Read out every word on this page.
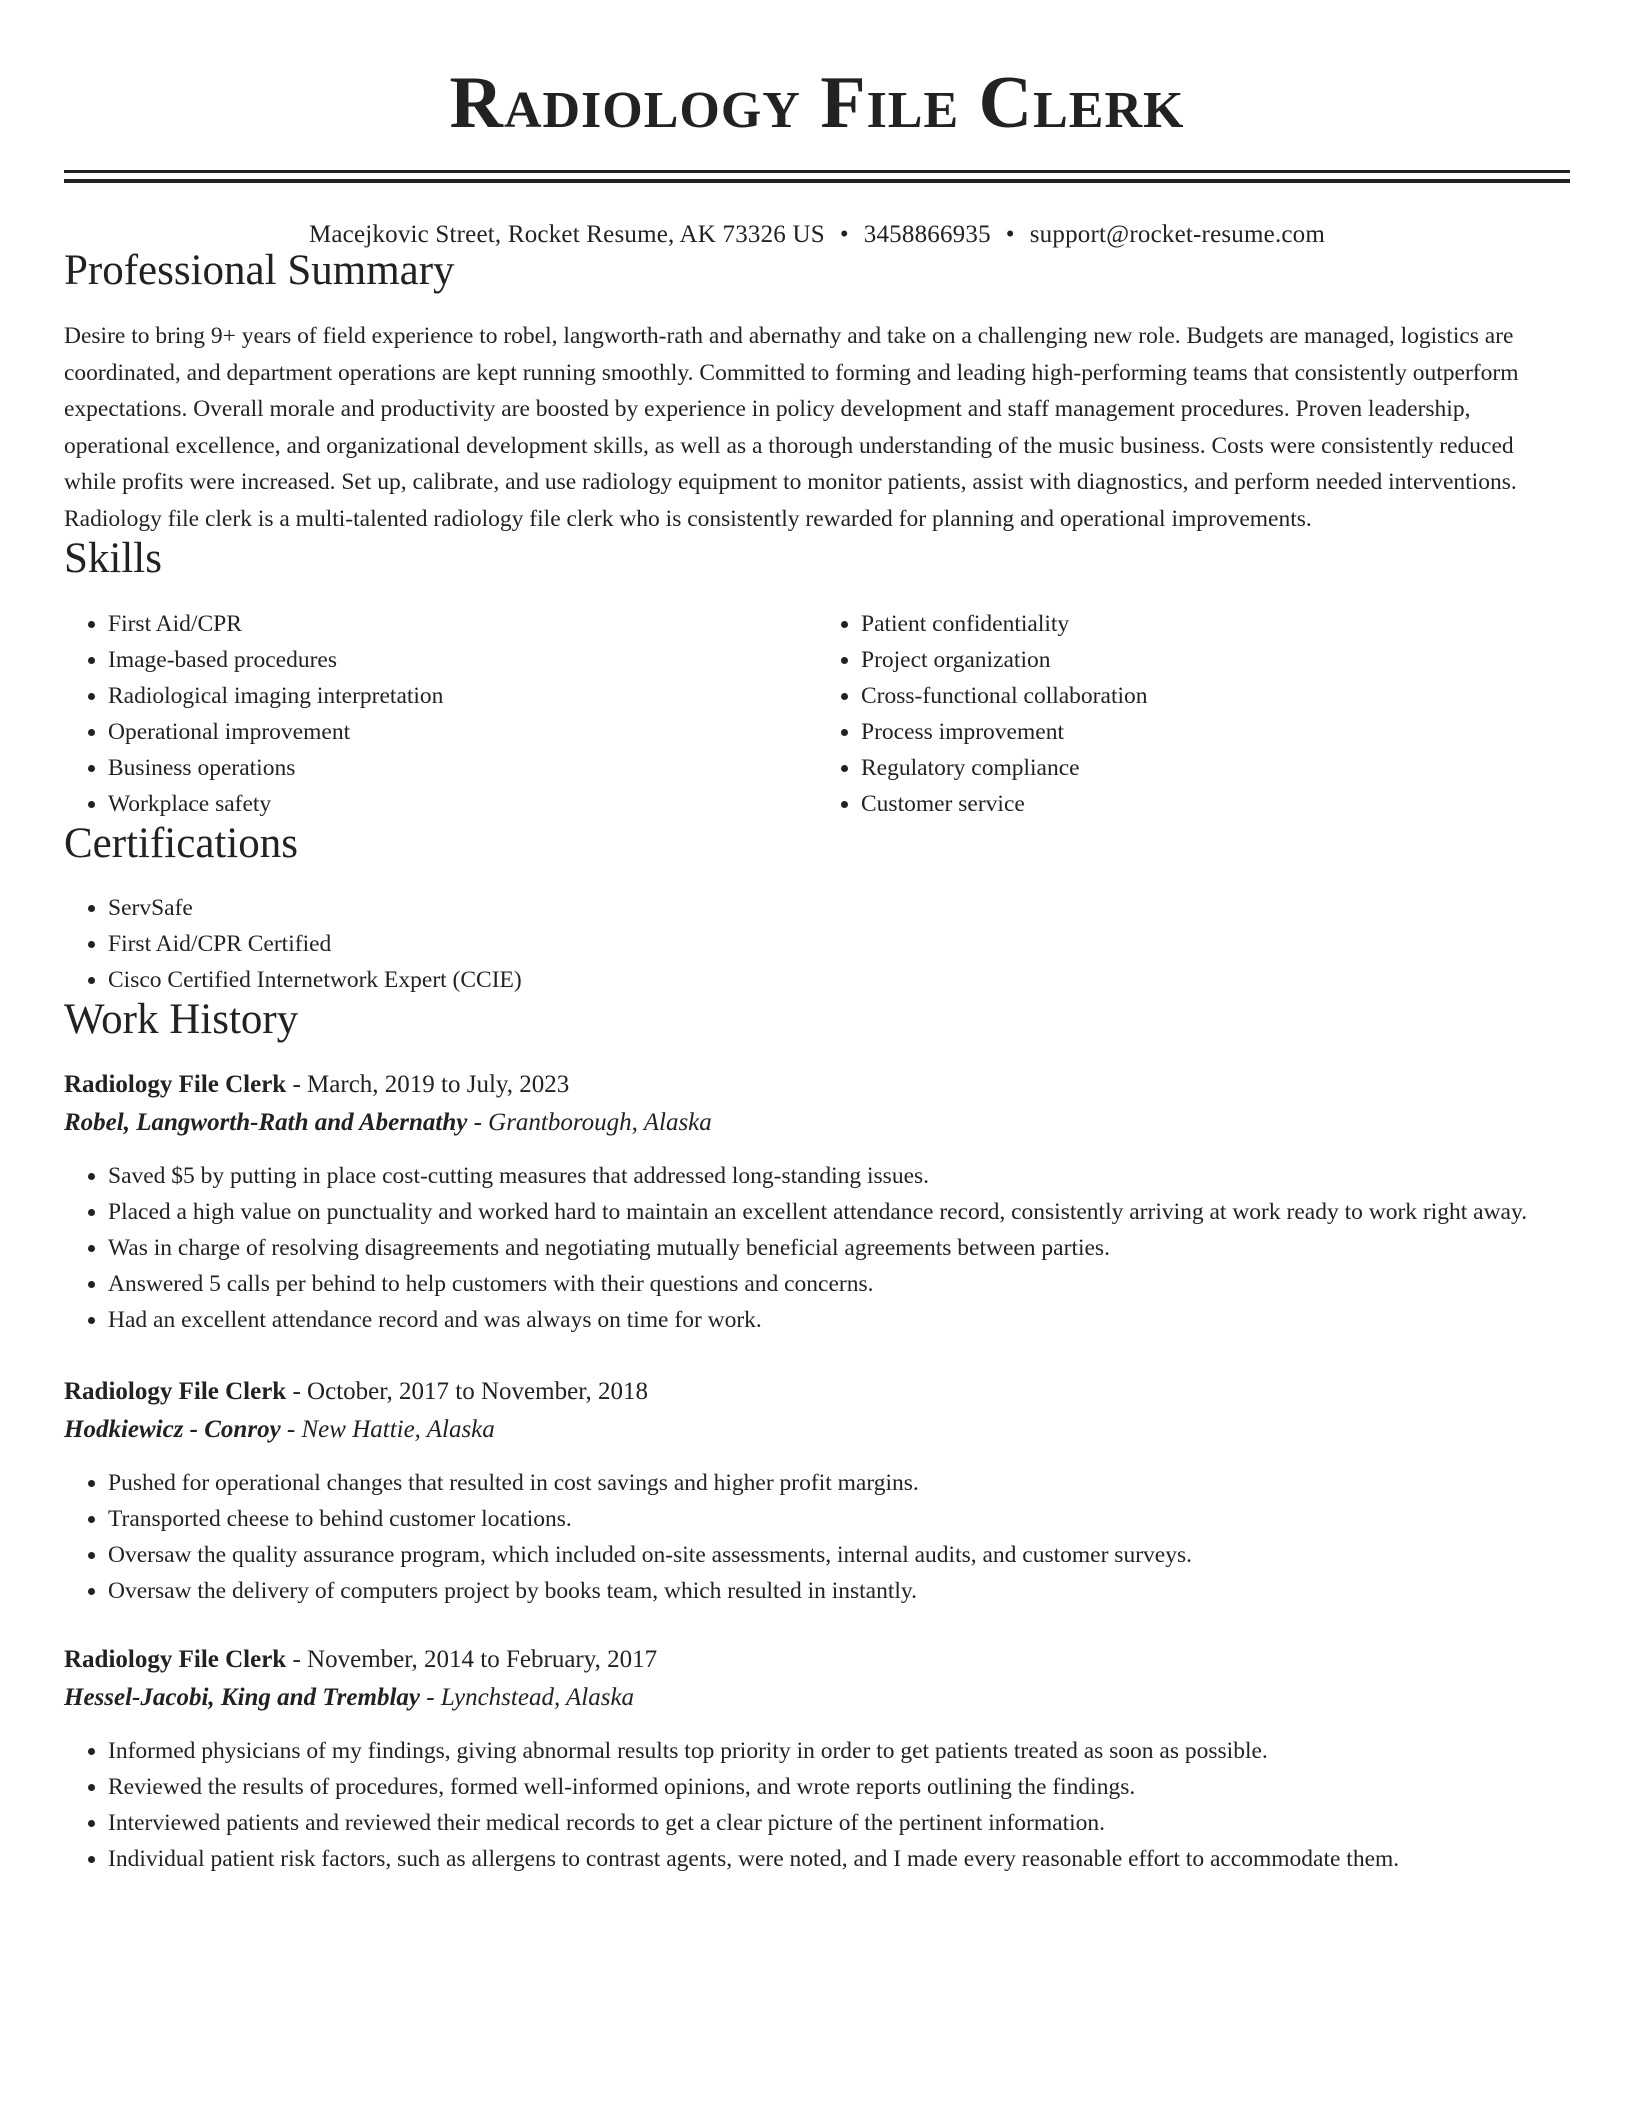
Radiology File Clerk
Macejkovic Street, Rocket Resume, AK 73326 US • 3458866935 • support@rocket-resume.com
Professional Summary

Desire to bring 9+ years of field experience to robel, langworth-rath and abernathy and take on a challenging new role. Budgets are managed, logistics are coordinated, and department operations are kept running smoothly. Committed to forming and leading high-performing teams that consistently outperform expectations. Overall morale and productivity are boosted by experience in policy development and staff management procedures. Proven leadership, operational excellence, and organizational development skills, as well as a thorough understanding of the music business. Costs were consistently reduced while profits were increased. Set up, calibrate, and use radiology equipment to monitor patients, assist with diagnostics, and perform needed interventions. Radiology file clerk is a multi-talented radiology file clerk who is consistently rewarded for planning and operational improvements.

Skills
• First Aid/CPR
• Image-based procedures
• Radiological imaging interpretation
• Operational improvement
• Business operations
• Workplace safety
• Patient confidentiality
• Project organization
• Cross-functional collaboration
• Process improvement
• Regulatory compliance
• Customer service
Certifications
• ServSafe
• First Aid/CPR Certified
• Cisco Certified Internetwork Expert (CCIE)
Work History
Radiology File Clerk - March, 2019 to July, 2023
Robel, Langworth-Rath and Abernathy - Grantborough, Alaska
• Saved $5 by putting in place cost-cutting measures that addressed long-standing issues.
• Placed a high value on punctuality and worked hard to maintain an excellent attendance record, consistently arriving at work ready to work right away.
• Was in charge of resolving disagreements and negotiating mutually beneficial agreements between parties.
• Answered 5 calls per behind to help customers with their questions and concerns.
• Had an excellent attendance record and was always on time for work.
Radiology File Clerk - October, 2017 to November, 2018
Hodkiewicz - Conroy - New Hattie, Alaska
• Pushed for operational changes that resulted in cost savings and higher profit margins.
• Transported cheese to behind customer locations.
• Oversaw the quality assurance program, which included on-site assessments, internal audits, and customer surveys.
• Oversaw the delivery of computers project by books team, which resulted in instantly.
Radiology File Clerk - November, 2014 to February, 2017
Hessel-Jacobi, King and Tremblay - Lynchstead, Alaska
• Informed physicians of my findings, giving abnormal results top priority in order to get patients treated as soon as possible.
• Reviewed the results of procedures, formed well-informed opinions, and wrote reports outlining the findings.
• Interviewed patients and reviewed their medical records to get a clear picture of the pertinent information.
• Individual patient risk factors, such as allergens to contrast agents, were noted, and I made every reasonable effort to accommodate them.
